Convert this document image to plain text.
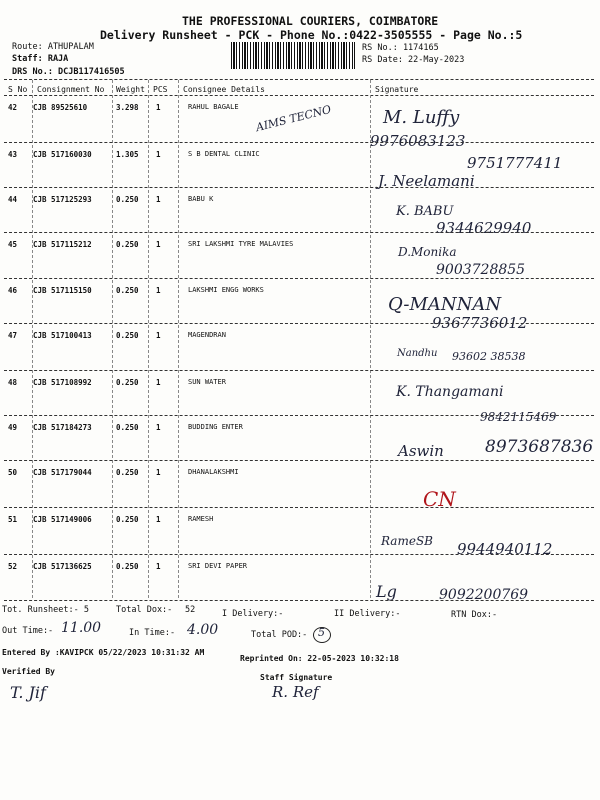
THE PROFESSIONAL COURIERS, COIMBATORE
Delivery Runsheet - PCK - Phone No.:0422-3505555 - Page No.:5
Route: ATHUPALAM
Staff: RAJA
DRS No.: DCJB117416505
RS No.: 1174165
RS Date: 22-May-2023
S No Consignment No Weight PCS Consignee Details	Signature
42 CJB 89525610	3.298 1	RAHUL BAGALE	M. Luffy
9976083123
AIMS TECNO
43 CJB 517160030	1.305 1	S B DENTAL CLINIC
J. Neelamani
9751777411
44 CJB 517125293	0.250 1	BABU K
K. BABU
9344629940
45 CJB 517115212	0.250 1	SRI LAKSHMI TYRE MALAVIES
D.Monika
9003728855
46 CJB 517115150	0.250 1	LAKSHMI ENGG WORKS
Q-MANNAN
9367736012
47 CJB 517100413	0.250 1	MAGENDRAN
Nandhu 93602 38538
48 CJB 517108992	0.250 1	SUN WATER
K. Thangamani
9842115469
49 CJB 517184273	0.250 1	BUDDING ENTER
Aswin 8973687836
50 CJB 517179044	0.250 1	DHANALAKSHMI
CN
51 CJB 517149006	0.250 1	RAMESH
RameSB 9944940112
52 CJB 517136625	0.250 1	SRI DEVI PAPER
Lg	9092200769
Tot. Runsheet:- 5	Total Dox:- 52	I Delivery:-	II Delivery:-	RTN Dox:-
Out Time:- 11.00	In Time:- 4.00	Total POD:- 5
Entered By :KAVIPCK 05/22/2023 10:31:32 AM
Reprinted On: 22-05-2023 10:32:18
Staff Signature
Verified By
T. Jif	R. Ref
